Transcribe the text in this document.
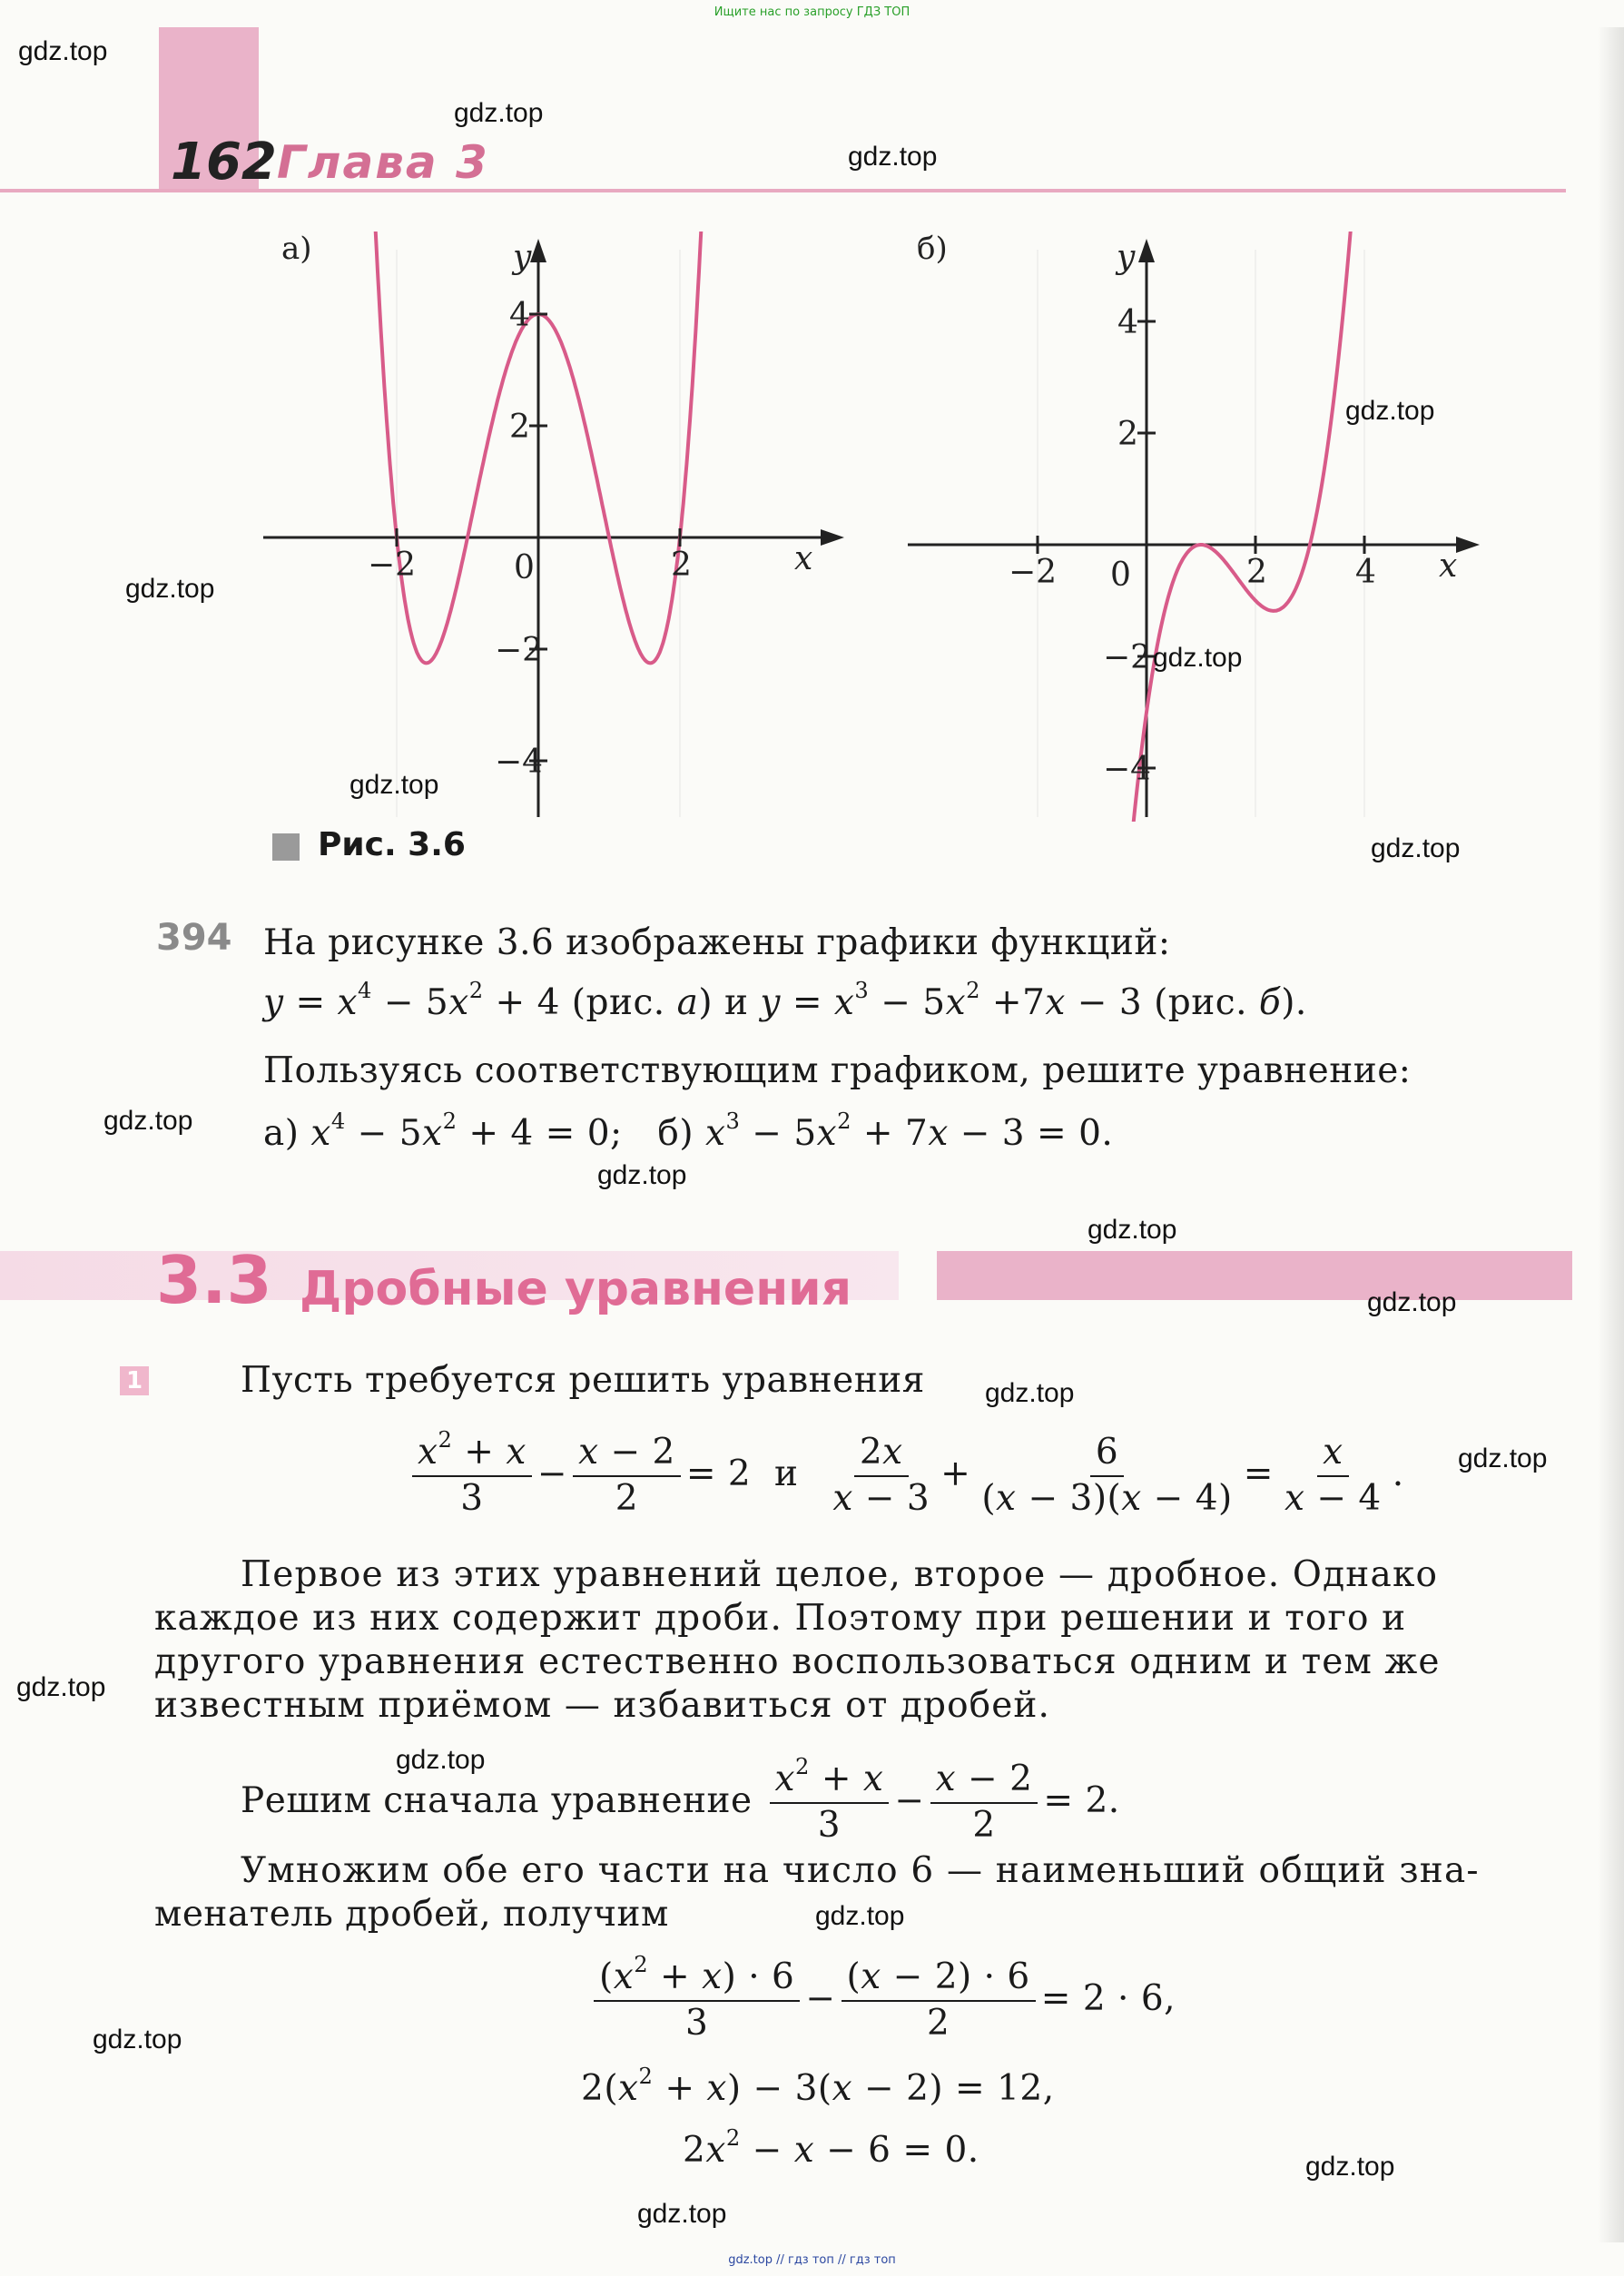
Ищите нас по запросу ГДЗ ТОП
gdz.top // гдз топ // гдз топ
162 Глава 3
−2	2
4
2
−2
−4
а)
x
y
0	−2	2	4
4
2
−2
−4
б)
x
y
0
Рис. 3.6
394 На рисунке 3.6 изображены графики функций:
$y = x^4 - 5x^2 + 4$ (рис. а) и $y = x^3 - 5x^2 +7x - 3$ (рис. б).
Пользуясь соответствующим графиком, решите уравнение:
а) $x^4 - 5x^2 + 4 = 0$;   б) $x^3 - 5x^2 + 7x - 3 = 0$.
3.3 Дробные уравнения
1	Пусть требуется решить уравнения
$\frac{x^2 + x}{3} - \frac{x - 2}{2} = 2$  и $\frac{2x}{x - 3} + \frac{6}{(x - 3)(x - 4)} = \frac{x}{x - 4}$ .
Первое из этих уравнений целое, второе — дробное. Однако
каждое из них содержит дроби. Поэтому при решении и того и
другого уравнения естественно воспользоваться одним и тем же
известным приёмом — избавиться от дробей.
Решим сначала уравнение $\frac{x^2 + x}{3} - \frac{x - 2}{2} = 2$.
Умножим обе его части на число 6 — наименьший общий зна-
менатель дробей, получим
$\frac{(x^2 + x) \cdot 6}{3} - \frac{(x - 2) \cdot 6}{2} = 2 \cdot 6$,
$2(x^2 + x) - 3(x - 2) = 12$,
$2x^2 - x - 6 = 0$.
gdz.top
gdz.top
gdz.top
gdz.top
gdz.top
gdz.top
gdz.top
gdz.top
gdz.top
gdz.top
gdz.top
gdz.top
gdz.top
gdz.top
gdz.top
gdz.top
gdz.top
gdz.top
gdz.top
gdz.top
